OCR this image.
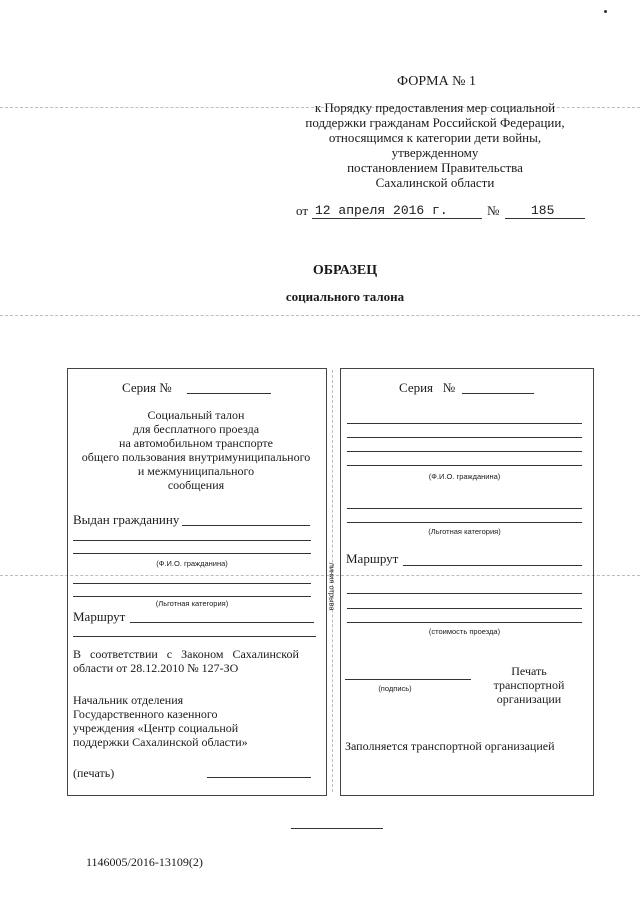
ФОРМА № 1
к Порядку предоставления мер социальной
поддержки гражданам Российской Федерации,
относящимся к категории дети войны,
утвержденному
постановлением Правительства
Сахалинской области
от 12 апреля 2016 г.	№ 185
ОБРАЗЕЦ
социального талона
Серия №
Социальный талон
для бесплатного проезда
на автомобильном транспорте
общего пользования внутримуниципального
и межмуниципального
сообщения
Выдан гражданину
(Ф.И.О. гражданина)
(Льготная категория)
Маршрут
В   соответствии   с   Законом   Сахалинской
области от 28.12.2010 № 127-ЗО
Начальник отделения
Государственного казенного
учреждения «Центр социальной
поддержки Сахалинской области»
(печать)
линия отрыва
Серия   №
(Ф.И.О. гражданина)
(Льготная категория)
Маршрут
(стоимость проезда)
(подпись)
Печать
транспортной
организации
Заполняется транспортной организацией
1146005/2016-13109(2)
